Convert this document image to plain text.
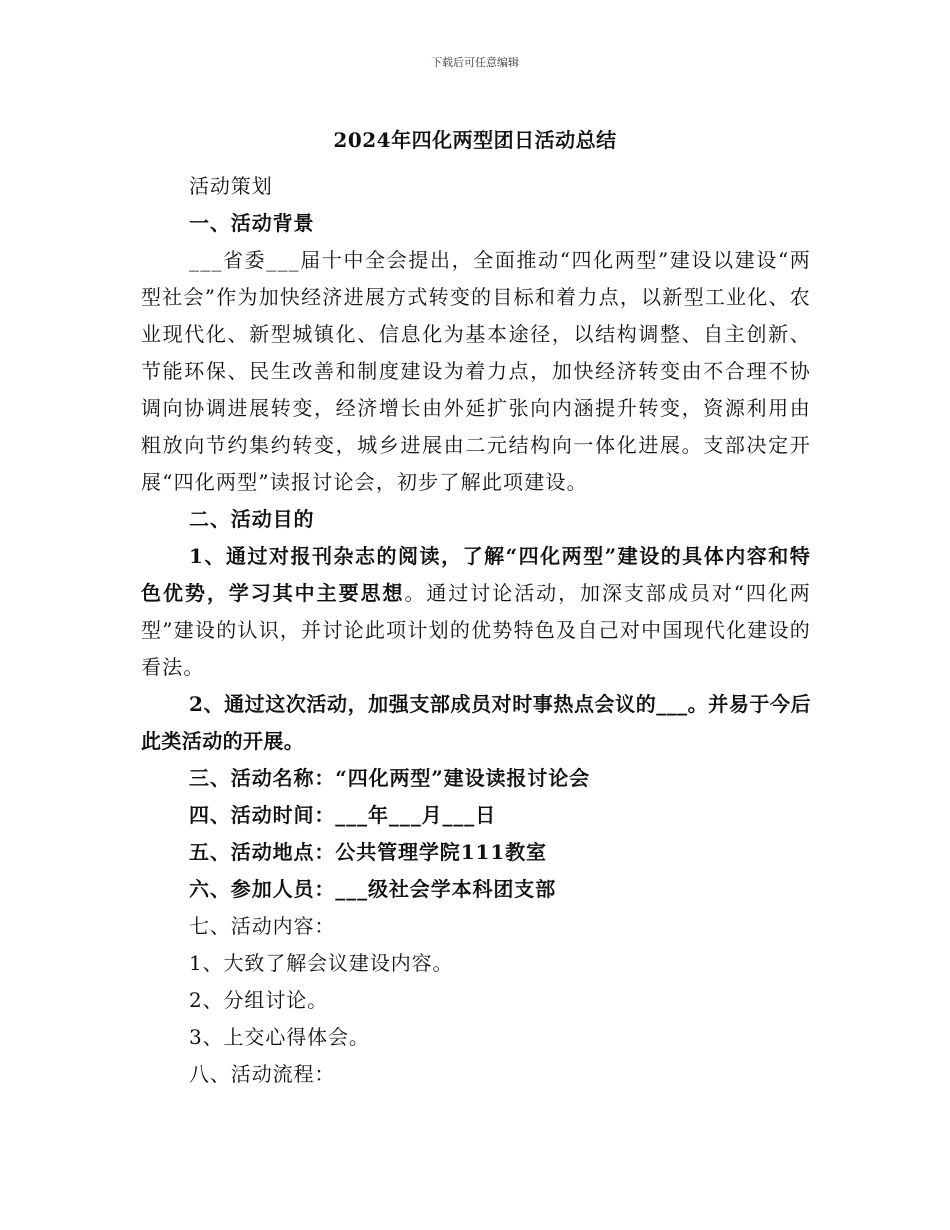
下载后可任意编辑
2024年四化两型团日活动总结
活动策划
一、活动背景
___省委___届十中全会提出，全面推动“四化两型”建设以建设“两型社会”作为加快经济进展方式转变的目标和着力点，以新型工业化、农业现代化、新型城镇化、信息化为基本途径，以结构调整、自主创新、节能环保、民生改善和制度建设为着力点，加快经济转变由不合理不协调向协调进展转变，经济增长由外延扩张向内涵提升转变，资源利用由粗放向节约集约转变，城乡进展由二元结构向一体化进展。支部决定开展“四化两型”读报讨论会，初步了解此项建设。
二、活动目的
1、通过对报刊杂志的阅读，了解“四化两型”建设的具体内容和特色优势，学习其中主要思想。通过讨论活动，加深支部成员对“四化两型”建设的认识，并讨论此项计划的优势特色及自己对中国现代化建设的看法。
2、通过这次活动，加强支部成员对时事热点会议的___。并易于今后此类活动的开展。
三、活动名称：“四化两型”建设读报讨论会
四、活动时间：___年___月___日
五、活动地点：公共管理学院111教室
六、参加人员：___级社会学本科团支部
七、活动内容：
1、大致了解会议建设内容。
2、分组讨论。
3、上交心得体会。
八、活动流程：
